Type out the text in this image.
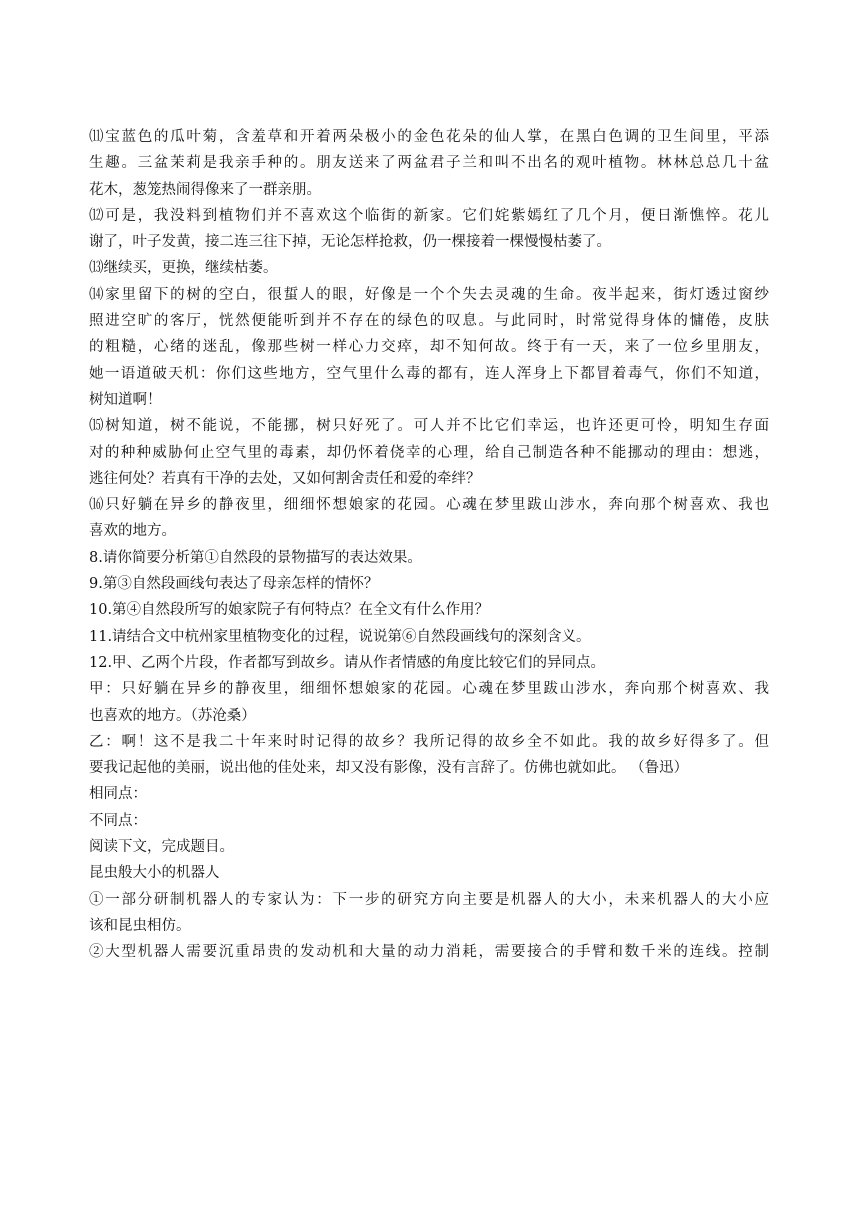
⑾宝蓝色的瓜叶菊，含羞草和开着两朵极小的金色花朵的仙人掌，在黑白色调的卫生间里，平添
生趣。三盆茉莉是我亲手种的。朋友送来了两盆君子兰和叫不出名的观叶植物。林林总总几十盆
花木，葱笼热闹得像来了一群亲朋。
⑿可是，我没料到植物们并不喜欢这个临街的新家。它们姹紫嫣红了几个月，便日渐憔悴。花儿
谢了，叶子发黄，接二连三往下掉，无论怎样抢救，仍一棵接着一棵慢慢枯萎了。
⒀继续买，更换，继续枯萎。
⒁家里留下的树的空白，很蜇人的眼，好像是一个个失去灵魂的生命。夜半起来，街灯透过窗纱
照进空旷的客厅，恍然便能听到并不存在的绿色的叹息。与此同时，时常觉得身体的慵倦，皮肤
的粗糙，心绪的迷乱，像那些树一样心力交瘁，却不知何故。终于有一天，来了一位乡里朋友，
她一语道破天机：你们这些地方，空气里什么毒的都有，连人浑身上下都冒着毒气，你们不知道，
树知道啊！
⒂树知道，树不能说，不能挪，树只好死了。可人并不比它们幸运，也许还更可怜，明知生存面
对的种种威胁何止空气里的毒素，却仍怀着侥幸的心理，给自己制造各种不能挪动的理由：想逃，
逃往何处？若真有干净的去处，又如何割舍责任和爱的牵绊？
⒃只好躺在异乡的静夜里，细细怀想娘家的花园。心魂在梦里跋山涉水，奔向那个树喜欢、我也
喜欢的地方。
8.请你简要分析第①自然段的景物描写的表达效果。
9.第③自然段画线句表达了母亲怎样的情怀？
10.第④自然段所写的娘家院子有何特点？在全文有什么作用？
11.请结合文中杭州家里植物变化的过程，说说第⑥自然段画线句的深刻含义。
12.甲、乙两个片段，作者都写到故乡。请从作者情感的角度比较它们的异同点。
甲：只好躺在异乡的静夜里，细细怀想娘家的花园。心魂在梦里跋山涉水，奔向那个树喜欢、我
也喜欢的地方。（苏沧桑）
乙：啊！这不是我二十年来时时记得的故乡？我所记得的故乡全不如此。我的故乡好得多了。但
要我记起他的美丽，说出他的佳处来，却又没有影像，没有言辞了。仿佛也就如此。 （鲁迅）
相同点：
不同点：
阅读下文，完成题目。
昆虫般大小的机器人
①一部分研制机器人的专家认为：下一步的研究方向主要是机器人的大小，未来机器人的大小应
该和昆虫相仿。
②大型机器人需要沉重昂贵的发动机和大量的动力消耗，需要接合的手臂和数千米的连线。控制
